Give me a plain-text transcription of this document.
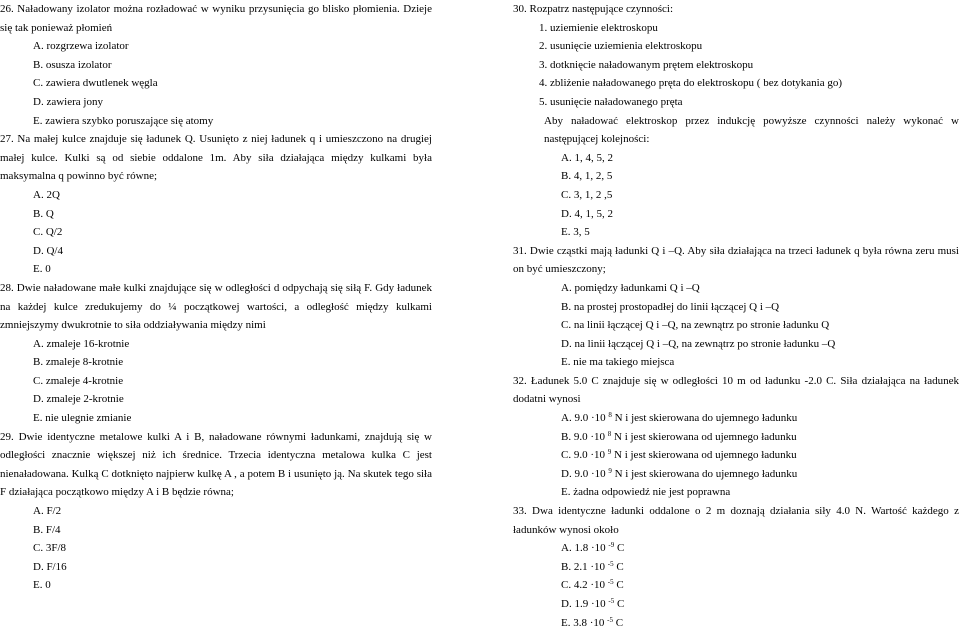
26. Naładowany izolator można rozładować w wyniku przysunięcia go blisko płomienia. Dzieje się tak ponieważ płomień

A. rozgrzewa izolator
B. osusza izolator
C. zawiera dwutlenek węgla
D. zawiera jony
E. zawiera szybko poruszające się atomy

27. Na małej kulce znajduje się ładunek Q. Usunięto z niej ładunek q i umieszczono na drugiej małej kulce. Kulki są od siebie oddalone 1m. Aby siła działająca między kulkami była maksymalna q powinno być równe;

A. 2Q
B. Q
C. Q/2
D. Q/4
E. 0

28. Dwie naładowane małe kulki znajdujące się w odległości d odpychają się siłą F. Gdy ładunek na każdej kulce zredukujemy do ¼ początkowej wartości, a odległość między kulkami zmniejszymy dwukrotnie to siła oddziaływania między nimi

A. zmaleje 16-krotnie
B. zmaleje 8-krotnie
C. zmaleje 4-krotnie
D. zmaleje 2-krotnie
E. nie ulegnie zmianie

29. Dwie identyczne metalowe kulki A i B, naładowane równymi ładunkami, znajdują się w odległości znacznie większej niż ich średnice. Trzecia identyczna metalowa kulka C jest nienaładowana. Kulką C dotknięto najpierw kulkę A , a potem B i usunięto ją. Na skutek tego siła F działająca początkowo między A i B będzie równa;

A. F/2
B. F/4
C. 3F/8
D. F/16
E. 0

30. Rozpatrz następujące czynności:

1. uziemienie elektroskopu
2. usunięcie uziemienia elektroskopu
3. dotknięcie naładowanym prętem elektroskopu
4. zbliżenie naładowanego pręta do elektroskopu ( bez dotykania go)
5. usunięcie naładowanego pręta

Aby naładować elektroskop przez indukcję powyższe czynności należy wykonać w następującej kolejności:

A. 1, 4, 5, 2
B. 4, 1, 2, 5
C. 3, 1, 2 ,5
D. 4, 1, 5, 2
E. 3, 5

31. Dwie cząstki mają ładunki Q i –Q. Aby siła działająca na trzeci ładunek q była równa zeru musi on być umieszczony;

A. pomiędzy ładunkami Q i –Q
B. na prostej prostopadłej do linii łączącej Q i –Q
C. na linii łączącej Q i –Q, na zewnątrz po stronie ładunku Q
D. na linii łączącej Q i –Q, na zewnątrz po stronie ładunku –Q
E. nie ma takiego miejsca

32. Ładunek 5.0 C znajduje się w odległości 10 m od ładunku -2.0 C. Siła działająca na ładunek dodatni wynosi

A. 9.0 ·10 $^8$ N i jest skierowana do ujemnego ładunku
B. 9.0 ·10 $^8$ N i jest skierowana od ujemnego ładunku
C. 9.0 ·10 $^9$ N i jest skierowana od ujemnego ładunku
D. 9.0 ·10 $^9$ N i jest skierowana do ujemnego ładunku
E. żadna odpowiedź nie jest poprawna

33. Dwa identyczne ładunki oddalone o 2 m doznają działania siły 4.0 N. Wartość każdego z ładunków wynosi około

A. 1.8 ·10 $^{-9}$ C
B. 2.1 ·10 $^{-5}$ C
C. 4.2 ·10 $^{-5}$ C
D. 1.9 ·10 $^{-5}$ C
E. 3.8 ·10 $^{-5}$ C
